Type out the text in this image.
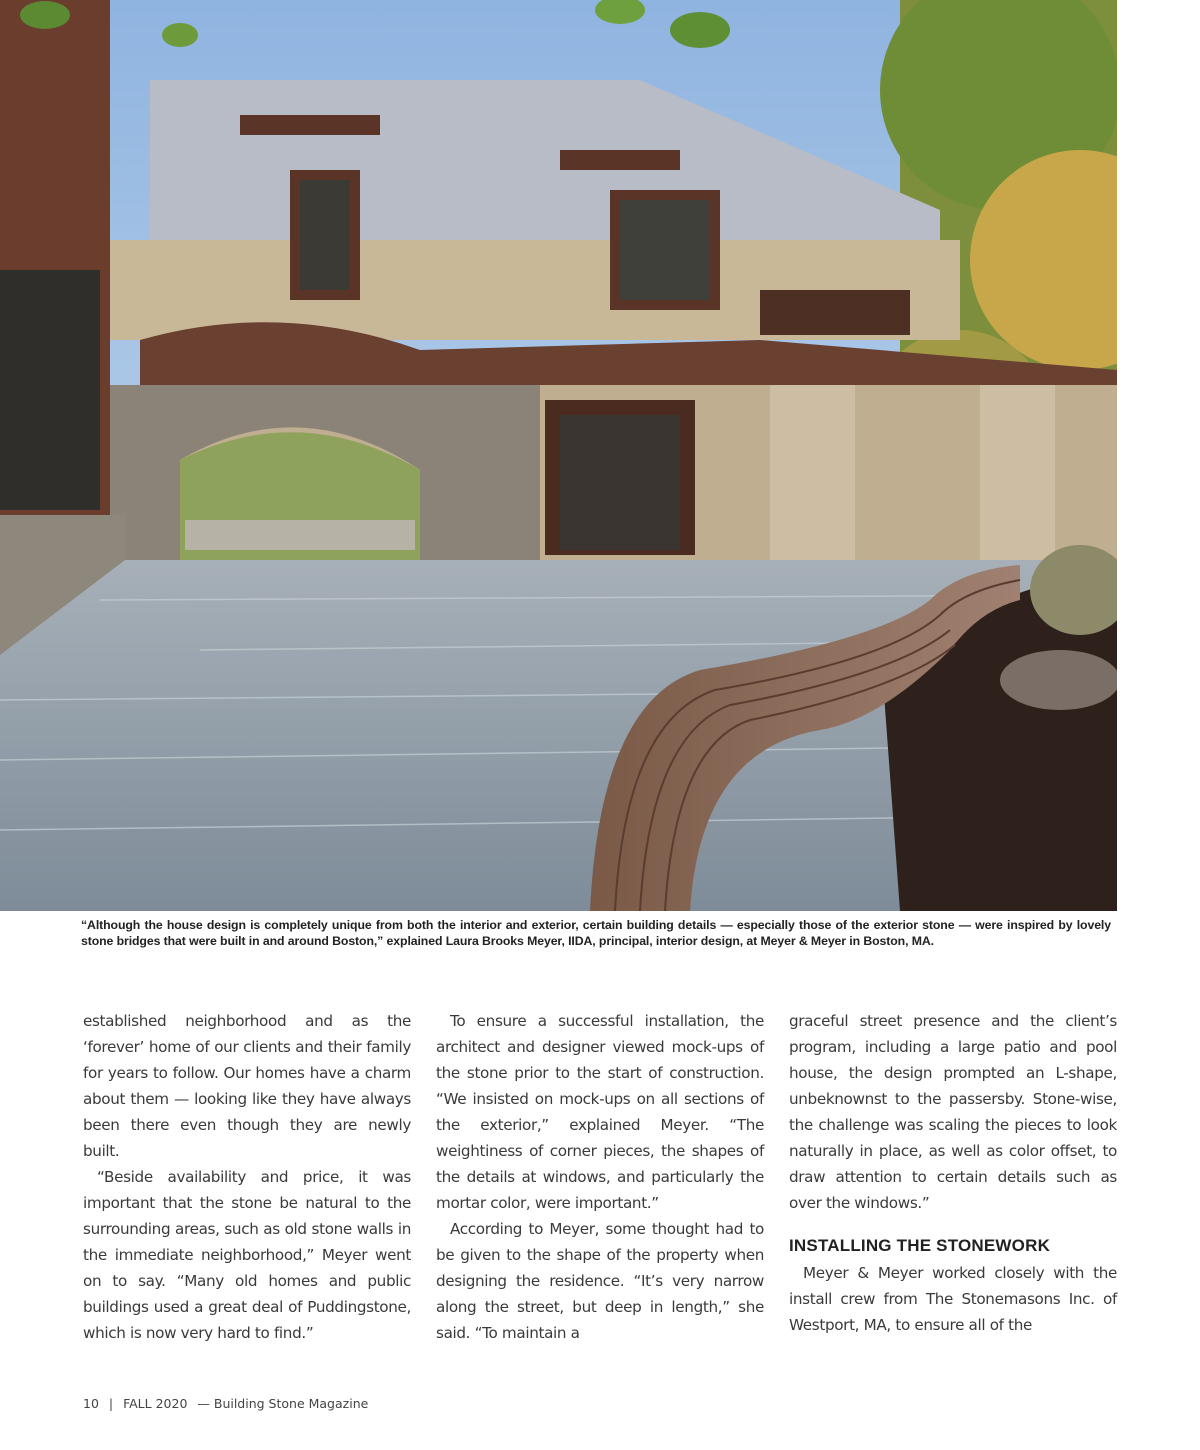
“Although the house design is completely unique from both the interior and exterior, certain building details — especially those of the exterior stone — were inspired by lovely stone bridges that were built in and around Boston,” explained Laura Brooks Meyer, IIDA, principal, interior design, at Meyer & Meyer in Boston, MA.

established neighborhood and as the ‘forever’ home of our clients and their family for years to follow. Our homes have a charm about them — looking like they have always been there even though they are newly built.

“Beside availability and price, it was important that the stone be natural to the surrounding areas, such as old stone walls in the immediate neighborhood,” Meyer went on to say. “Many old homes and public buildings used a great deal of Puddingstone, which is now very hard to find.”

To ensure a successful installation, the architect and designer viewed mock-ups of the stone prior to the start of construction. “We insisted on mock-ups on all sections of the exterior,” explained Meyer. “The weightiness of corner pieces, the shapes of the details at windows, and particularly the mortar color, were important.”

According to Meyer, some thought had to be given to the shape of the property when designing the residence. “It’s very narrow along the street, but deep in length,” she said. “To maintain a

graceful street presence and the client’s program, including a large patio and pool house, the design prompted an L-shape, unbeknownst to the passersby. Stone-wise, the challenge was scaling the pieces to look naturally in place, as well as color offset, to draw attention to certain details such as over the windows.”

INSTALLING THE STONEWORK

Meyer & Meyer worked closely with the install crew from The Stonemasons Inc. of Westport, MA, to ensure all of the

10 | FALL 2020 — Building Stone Magazine
